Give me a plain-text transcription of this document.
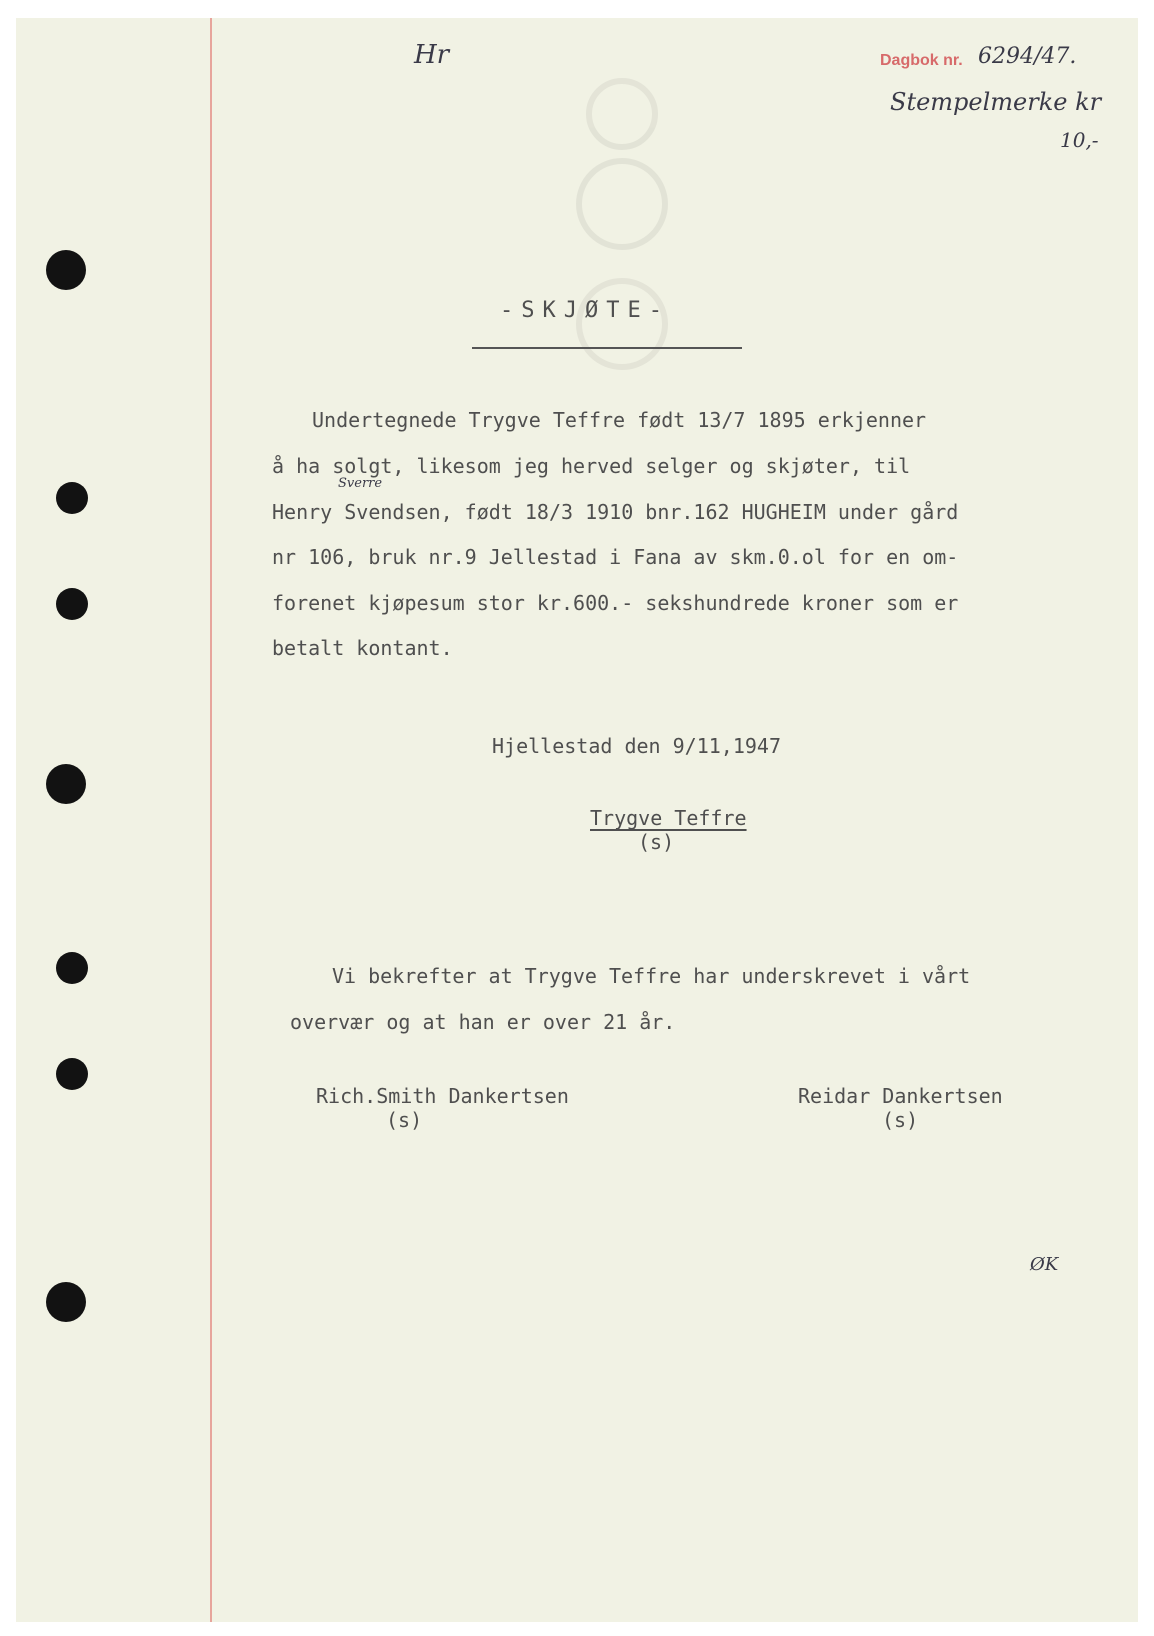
Hr	Dagbok nr. 6294/47.
Stempelmerke kr
10,-
-SKJØTE-
Undertegnede Trygve Teffre født 13/7 1895 erkjenner
å ha solgt, likesom jeg herved selger og skjøter, til
Sverre
Henry Svendsen, født 18/3 1910 bnr.162 HUGHEIM under gård
nr 106, bruk nr.9 Jellestad i Fana av skm.0.ol for en om-
forenet kjøpesum stor kr.600.- sekshundrede kroner som er
betalt kontant.
Hjellestad den 9/11,1947
Trygve Teffre
(s)
Vi bekrefter at Trygve Teffre har underskrevet i vårt
overvær og at han er over 21 år.
Rich.Smith Dankertsen
(s)
Reidar Dankertsen
(s)
ØK
